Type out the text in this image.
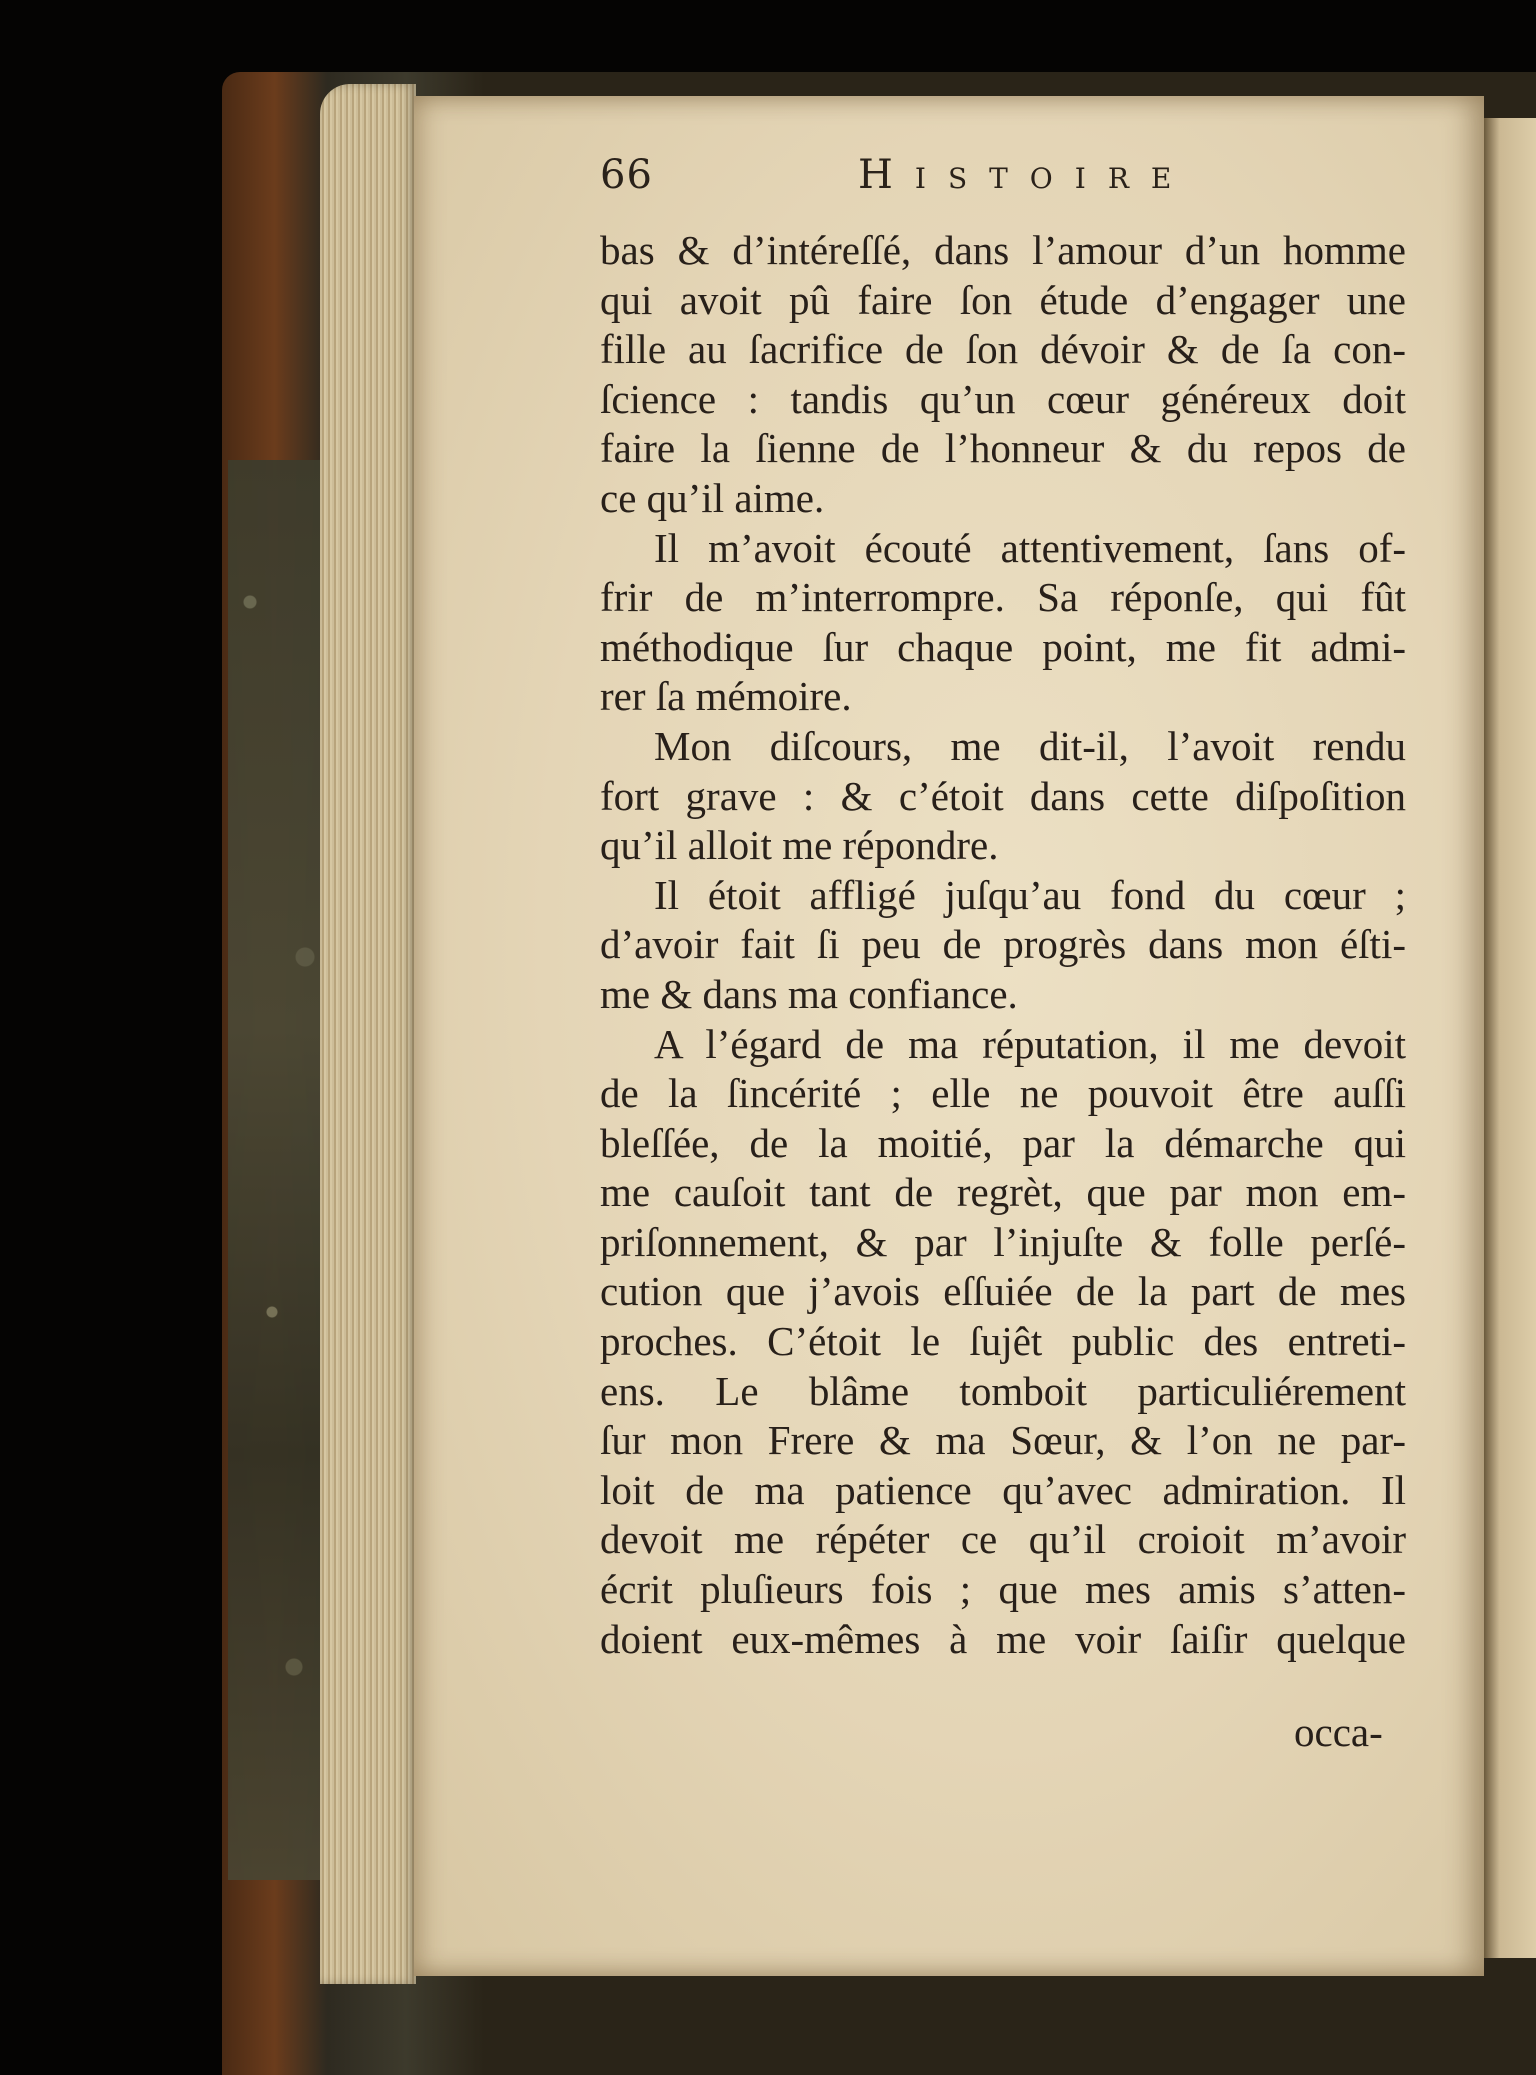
66	Histoire
bas & d’intéreſſé, dans l’amour d’un homme
qui avoit pû faire ſon étude d’engager une
fille au ſacrifice de ſon dévoir & de ſa con-
ſcience : tandis qu’un cœur généreux doit
faire la ſienne de l’honneur & du repos de
ce qu’il aime.
Il m’avoit écouté attentivement, ſans of-
frir de m’interrompre. Sa réponſe, qui fût
méthodique ſur chaque point, me fit admi-
rer ſa mémoire.
Mon diſcours, me dit-il, l’avoit rendu
fort grave : & c’étoit dans cette diſpoſition
qu’il alloit me répondre.
Il étoit affligé juſqu’au fond du cœur ;
d’avoir fait ſi peu de progrès dans mon éſti-
me & dans ma confiance.
A l’égard de ma réputation, il me devoit
de la ſincérité ; elle ne pouvoit être auſſi
bleſſée, de la moitié, par la démarche qui
me cauſoit tant de regrèt, que par mon em-
priſonnement, & par l’injuſte & folle perſé-
cution que j’avois eſſuiée de la part de mes
proches. C’étoit le ſujêt public des entreti-
ens. Le blâme tomboit particuliérement
ſur mon Frere & ma Sœur, & l’on ne par-
loit de ma patience qu’avec admiration. Il
devoit me répéter ce qu’il croioit m’avoir
écrit pluſieurs fois ; que mes amis s’atten-
doient eux-mêmes à me voir ſaiſir quelque
occa-
